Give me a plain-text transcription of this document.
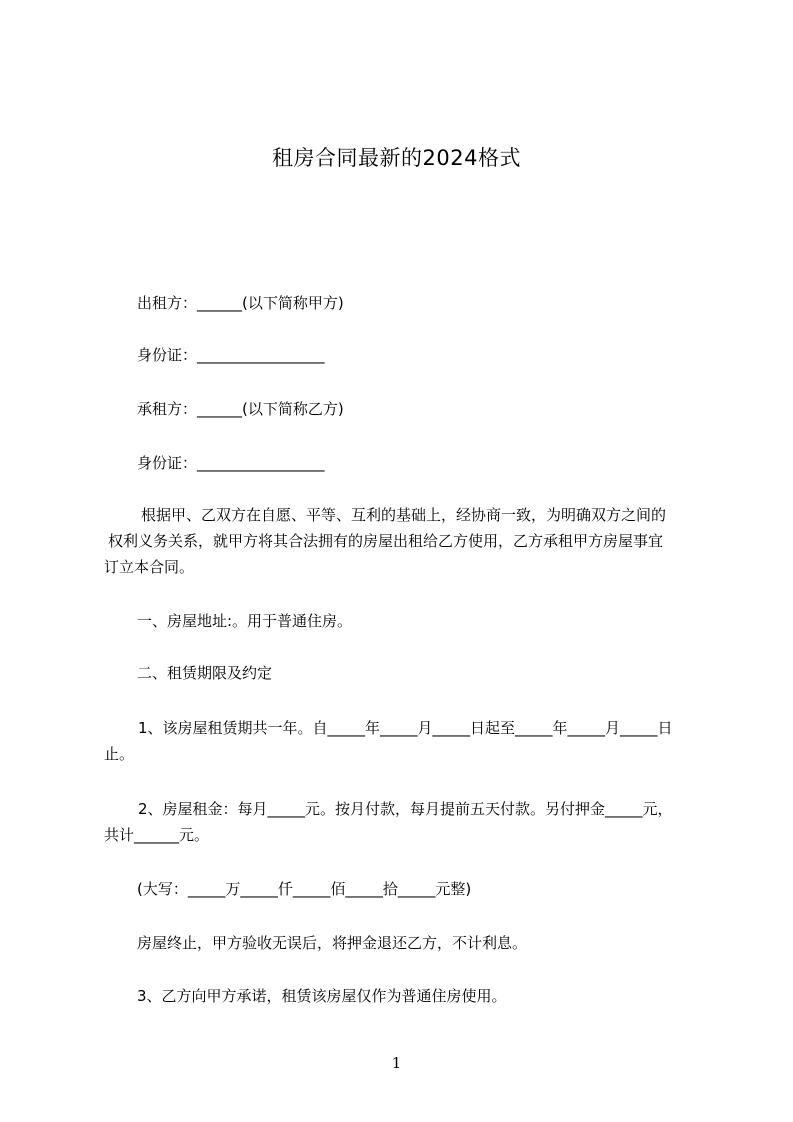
租房合同最新的2024格式
出租方：______(以下简称甲方)
身份证：_________________
承租方：______(以下简称乙方)
身份证：_________________
根据甲、乙双方在自愿、平等、互利的基础上，经协商一致，为明确双方之间的
权利义务关系，就甲方将其合法拥有的房屋出租给乙方使用，乙方承租甲方房屋事宜
订立本合同。
一、房屋地址:。用于普通住房。
二、租赁期限及约定
1、该房屋租赁期共一年。自_____年_____月_____日起至_____年_____月_____日
止。
2、房屋租金：每月_____元。按月付款，每月提前五天付款。另付押金_____元，
共计______元。
(大写：_____万_____仟_____佰_____拾_____元整)
房屋终止，甲方验收无误后，将押金退还乙方，不计利息。
3、乙方向甲方承诺，租赁该房屋仅作为普通住房使用。
1
